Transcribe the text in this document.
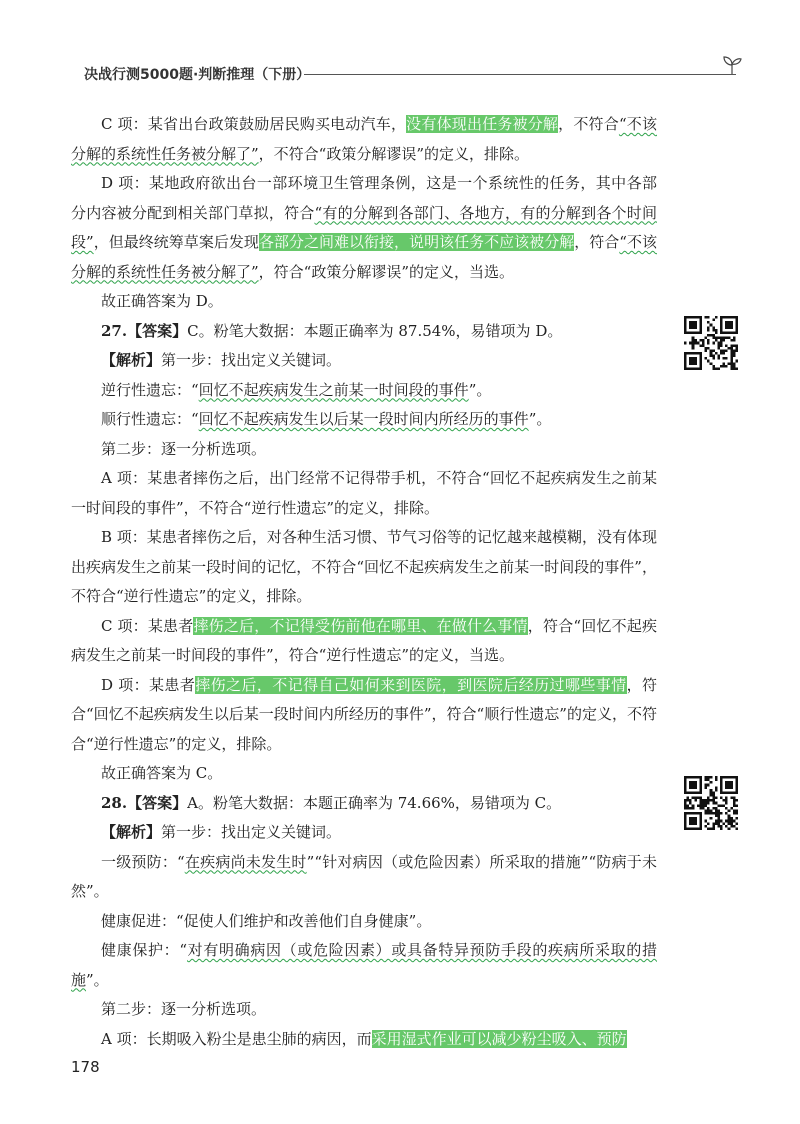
决战行测5000题·判断推理（下册）

C 项：某省出台政策鼓励居民购买电动汽车，没有体现出任务被分解，不符合“不该分解的系统性任务被分解了”，不符合“政策分解谬误”的定义，排除。

D 项：某地政府欲出台一部环境卫生管理条例，这是一个系统性的任务，其中各部分内容被分配到相关部门草拟，符合“有的分解到各部门、各地方，有的分解到各个时间段”，但最终统筹草案后发现各部分之间难以衔接，说明该任务不应该被分解，符合“不该分解的系统性任务被分解了”，符合“政策分解谬误”的定义，当选。

故正确答案为 D。

27.【答案】C。粉笔大数据：本题正确率为 87.54%，易错项为 D。

【解析】第一步：找出定义关键词。

逆行性遗忘：“回忆不起疾病发生之前某一时间段的事件”。

顺行性遗忘：“回忆不起疾病发生以后某一段时间内所经历的事件”。

第二步：逐一分析选项。

A 项：某患者摔伤之后，出门经常不记得带手机，不符合“回忆不起疾病发生之前某一时间段的事件”，不符合“逆行性遗忘”的定义，排除。

B 项：某患者摔伤之后，对各种生活习惯、节气习俗等的记忆越来越模糊，没有体现出疾病发生之前某一段时间的记忆，不符合“回忆不起疾病发生之前某一时间段的事件”，不符合“逆行性遗忘”的定义，排除。

C 项：某患者摔伤之后，不记得受伤前他在哪里、在做什么事情，符合“回忆不起疾病发生之前某一时间段的事件”，符合“逆行性遗忘”的定义，当选。

D 项：某患者摔伤之后，不记得自己如何来到医院，到医院后经历过哪些事情，符合“回忆不起疾病发生以后某一段时间内所经历的事件”，符合“顺行性遗忘”的定义，不符合“逆行性遗忘”的定义，排除。

故正确答案为 C。

28.【答案】A。粉笔大数据：本题正确率为 74.66%，易错项为 C。

【解析】第一步：找出定义关键词。

一级预防：“在疾病尚未发生时”“针对病因（或危险因素）所采取的措施”“防病于未然”。

健康促进：“促使人们维护和改善他们自身健康”。

健康保护：“对有明确病因（或危险因素）或具备特异预防手段的疾病所采取的措施”。

第二步：逐一分析选项。

A 项：长期吸入粉尘是患尘肺的病因，而采用湿式作业可以减少粉尘吸入、预防

178
